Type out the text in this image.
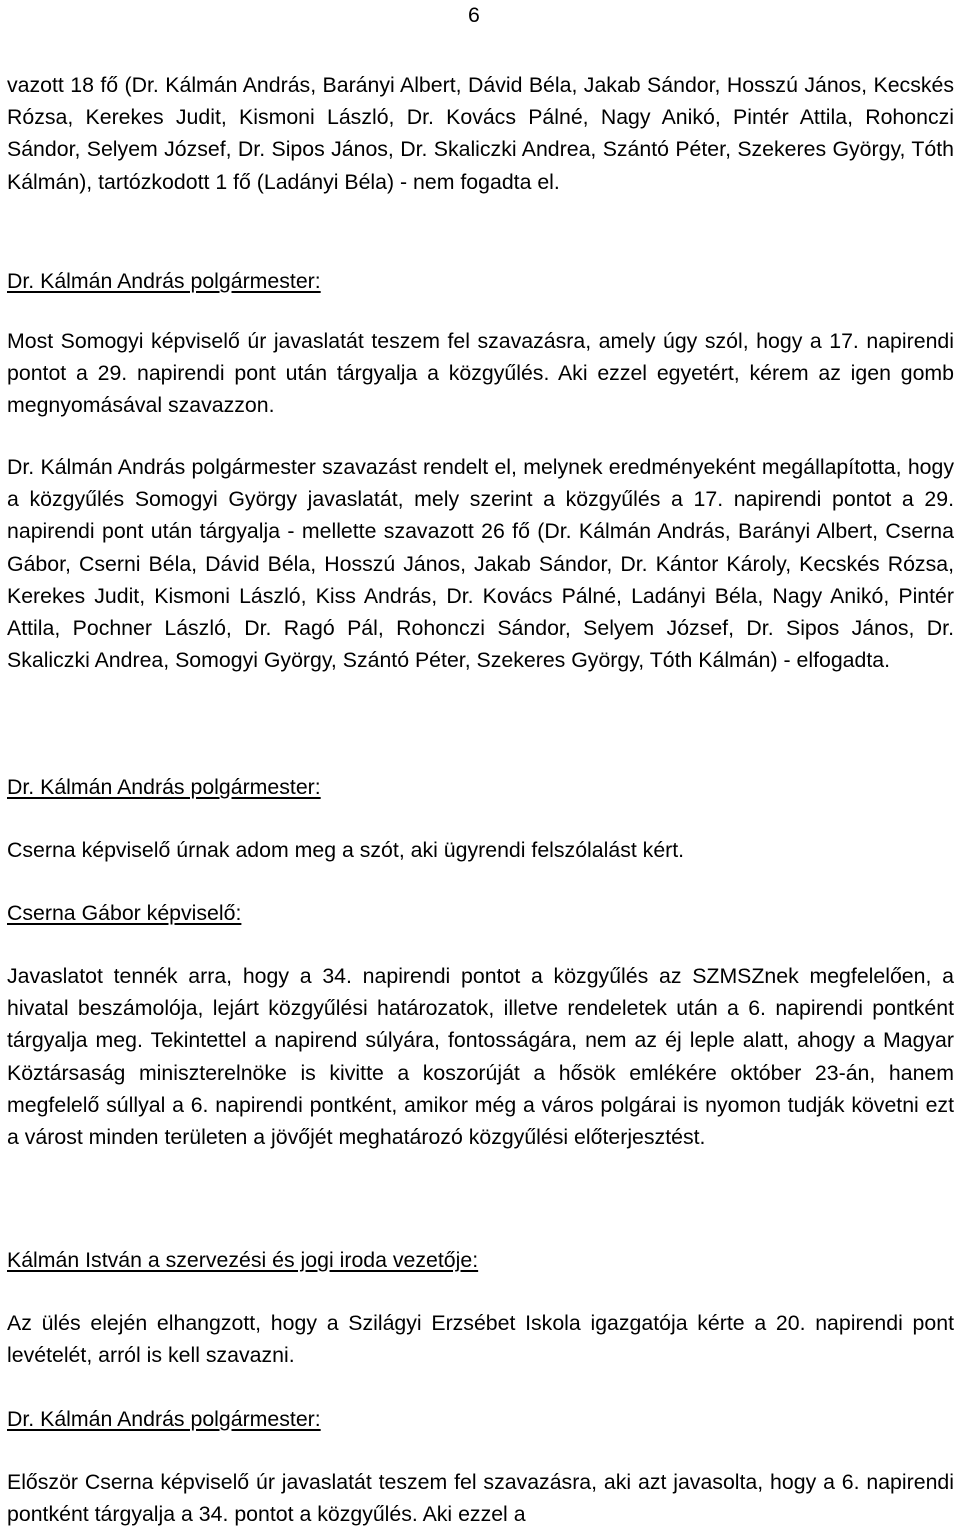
6

vazott 18 fő (Dr. Kálmán András, Barányi Albert, Dávid Béla, Jakab Sándor, Hosszú János, Kecskés Rózsa, Kerekes Judit, Kismoni László, Dr. Kovács Pálné, Nagy Anikó, Pintér Attila, Rohonczi Sándor, Selyem József, Dr. Sipos János, Dr. Skaliczki Andrea, Szántó Péter, Szekeres György, Tóth Kálmán), tartózkodott 1 fő (Ladányi Béla) - nem fogadta el.

Dr. Kálmán András polgármester:

Most Somogyi képviselő úr javaslatát teszem fel szavazásra, amely úgy szól, hogy a 17. napirendi pontot a 29. napirendi pont után tárgyalja a közgyűlés. Aki ezzel egyetért, kérem az igen gomb megnyomásával szavazzon.

Dr. Kálmán András polgármester szavazást rendelt el, melynek eredményeként megállapította, hogy a közgyűlés Somogyi György javaslatát, mely szerint a közgyűlés a 17. napirendi pontot a 29. napirendi pont után tárgyalja - mellette szavazott 26 fő (Dr. Kálmán András, Barányi Albert, Cserna Gábor, Cserni Béla, Dávid Béla, Hosszú János, Jakab Sándor, Dr. Kántor Károly, Kecskés Rózsa, Kerekes Judit, Kismoni László, Kiss András, Dr. Kovács Pálné, Ladányi Béla, Nagy Anikó, Pintér Attila, Pochner László, Dr. Ragó Pál, Rohonczi Sándor, Selyem József, Dr. Sipos János, Dr. Skaliczki Andrea, Somogyi György, Szántó Péter, Szekeres György, Tóth Kálmán) - elfogadta.

Dr. Kálmán András polgármester:

Cserna képviselő úrnak adom meg a szót, aki ügyrendi felszólalást kért.

Cserna Gábor képviselő:

Javaslatot tennék arra, hogy a 34. napirendi pontot a közgyűlés az SZMSZnek megfelelően, a hivatal beszámolója, lejárt közgyűlési határozatok, illetve rendeletek után a 6. napirendi pontként tárgyalja meg. Tekintettel a napirend súlyára, fontosságára, nem az éj leple alatt, ahogy a Magyar Köztársaság miniszterelnöke is kivitte a koszorúját a hősök emlékére október 23-án, hanem megfelelő súllyal a 6. napirendi pontként, amikor még a város polgárai is nyomon tudják követni ezt a várost minden területen a jövőjét meghatározó közgyűlési előterjesztést.

Kálmán István a szervezési és jogi iroda vezetője:

Az ülés elején elhangzott, hogy a Szilágyi Erzsébet Iskola igazgatója kérte a 20. napirendi pont levételét, arról is kell szavazni.

Dr. Kálmán András polgármester:

Először Cserna képviselő úr javaslatát teszem fel szavazásra, aki azt javasolta, hogy a 6. napirendi pontként tárgyalja a 34. pontot a közgyűlés. Aki ezzel a
